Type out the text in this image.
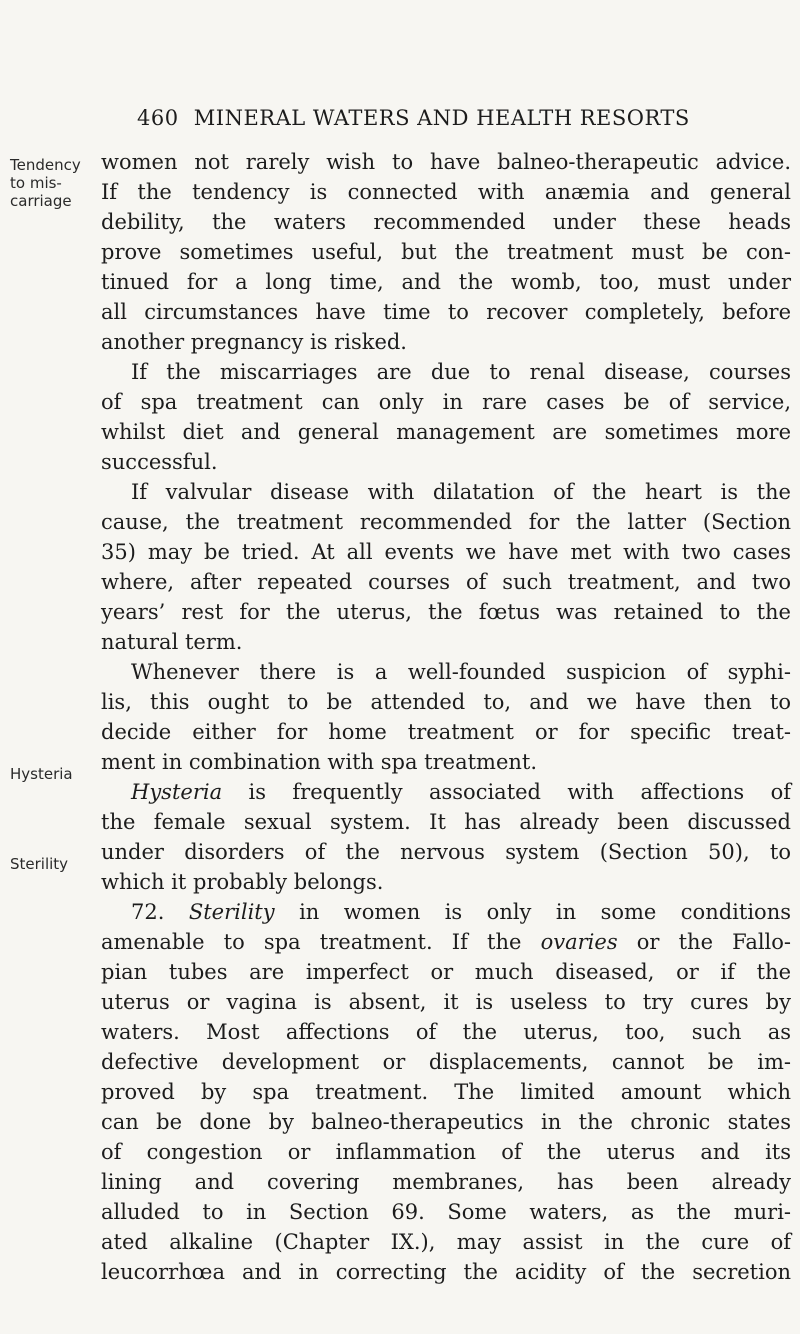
460 MINERAL WATERS AND HEALTH RESORTS
Tendency
to mis-
carriage
Hysteria
Sterility
women not rarely wish to have balneo-therapeutic advice.
If the tendency is connected with anæmia and general
debility, the waters recommended under these heads
prove sometimes useful, but the treatment must be con-
tinued for a long time, and the womb, too, must under
all circumstances have time to recover completely, before
another pregnancy is risked.
If the miscarriages are due to renal disease, courses
of spa treatment can only in rare cases be of service,
whilst diet and general management are sometimes more
successful.
If valvular disease with dilatation of the heart is the
cause, the treatment recommended for the latter (Section
35) may be tried. At all events we have met with two cases
where, after repeated courses of such treatment, and two
years’ rest for the uterus, the fœtus was retained to the
natural term.
Whenever there is a well-founded suspicion of syphi-
lis, this ought to be attended to, and we have then to
decide either for home treatment or for specific treat-
ment in combination with spa treatment.
Hysteria is frequently associated with affections of
the female sexual system. It has already been discussed
under disorders of the nervous system (Section 50), to
which it probably belongs.
72. Sterility in women is only in some conditions
amenable to spa treatment. If the ovaries or the Fallo-
pian tubes are imperfect or much diseased, or if the
uterus or vagina is absent, it is useless to try cures by
waters. Most affections of the uterus, too, such as
defective development or displacements, cannot be im-
proved by spa treatment. The limited amount which
can be done by balneo-therapeutics in the chronic states
of congestion or inflammation of the uterus and its
lining and covering membranes, has been already
alluded to in Section 69. Some waters, as the muri-
ated alkaline (Chapter IX.), may assist in the cure of
leucorrhœa and in correcting the acidity of the secretion
